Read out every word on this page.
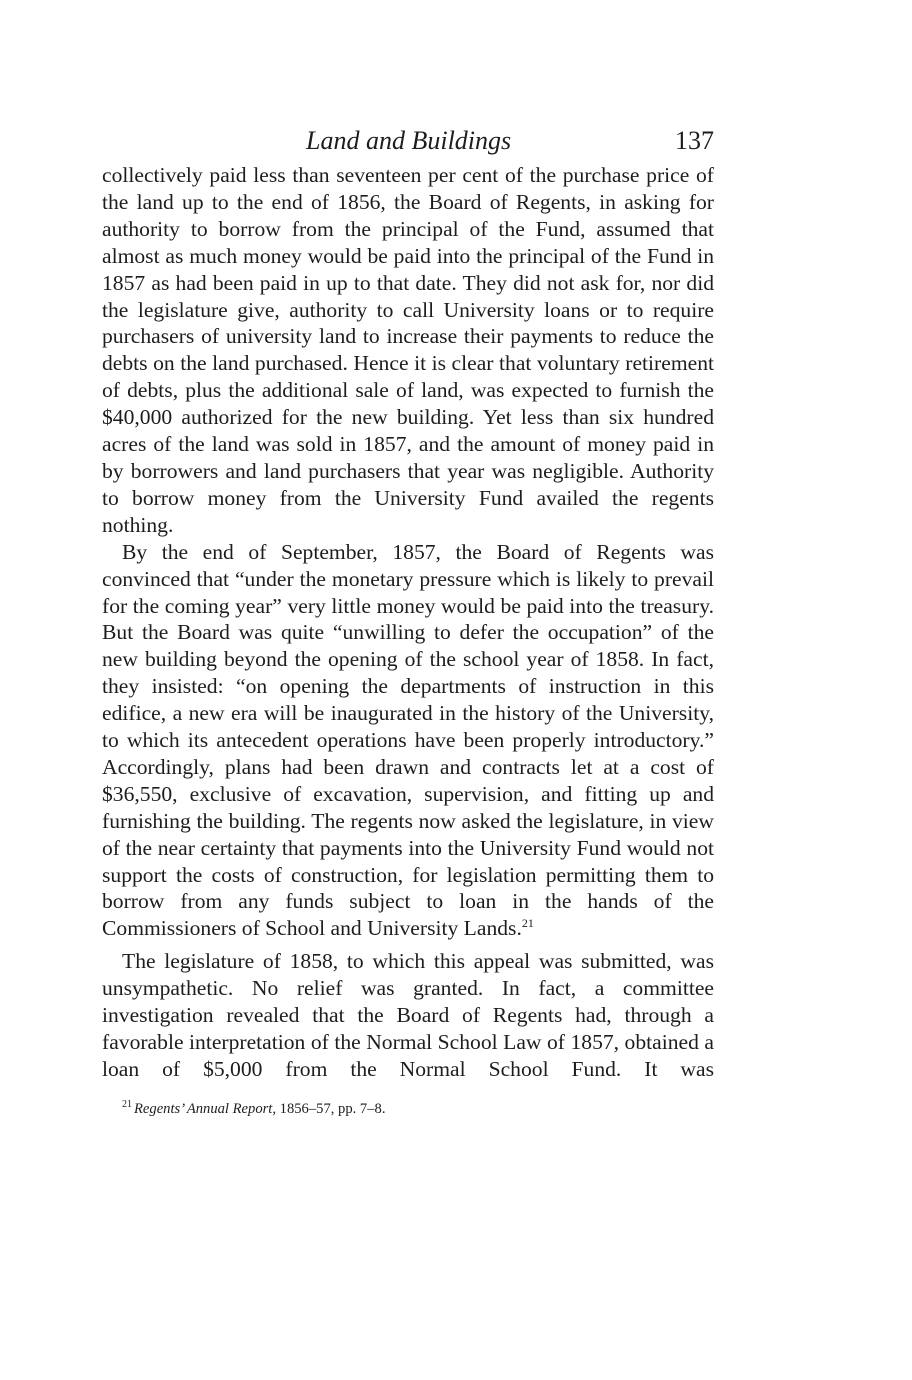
Land and Buildings	137

collectively paid less than seventeen per cent of the purchase price of the land up to the end of 1856, the Board of Regents, in asking for authority to borrow from the principal of the Fund, assumed that almost as much money would be paid into the principal of the Fund in 1857 as had been paid in up to that date. They did not ask for, nor did the legislature give, authority to call University loans or to require purchasers of university land to increase their payments to reduce the debts on the land purchased. Hence it is clear that voluntary retirement of debts, plus the additional sale of land, was expected to furnish the $40,000 authorized for the new building. Yet less than six hundred acres of the land was sold in 1857, and the amount of money paid in by borrowers and land purchasers that year was negligible. Authority to borrow money from the University Fund availed the regents nothing.

By the end of September, 1857, the Board of Regents was convinced that “under the monetary pressure which is likely to prevail for the coming year” very little money would be paid into the treasury. But the Board was quite “unwilling to defer the occupation” of the new building beyond the opening of the school year of 1858. In fact, they insisted: “on opening the departments of instruction in this edifice, a new era will be inaugurated in the history of the University, to which its antecedent operations have been properly introductory.” Accordingly, plans had been drawn and contracts let at a cost of $36,550, exclusive of excavation, supervision, and fitting up and furnishing the building. The regents now asked the legislature, in view of the near certainty that payments into the University Fund would not support the costs of construction, for legislation permitting them to borrow from any funds subject to loan in the hands of the Commissioners of School and University Lands.$^{21}$

The legislature of 1858, to which this appeal was submitted, was unsympathetic. No relief was granted. In fact, a committee investigation revealed that the Board of Regents had, through a favorable interpretation of the Normal School Law of 1857, obtained a loan of $5,000 from the Normal School Fund. It was

$^{21}$ Regents’ Annual Report, 1856–57, pp. 7–8.
